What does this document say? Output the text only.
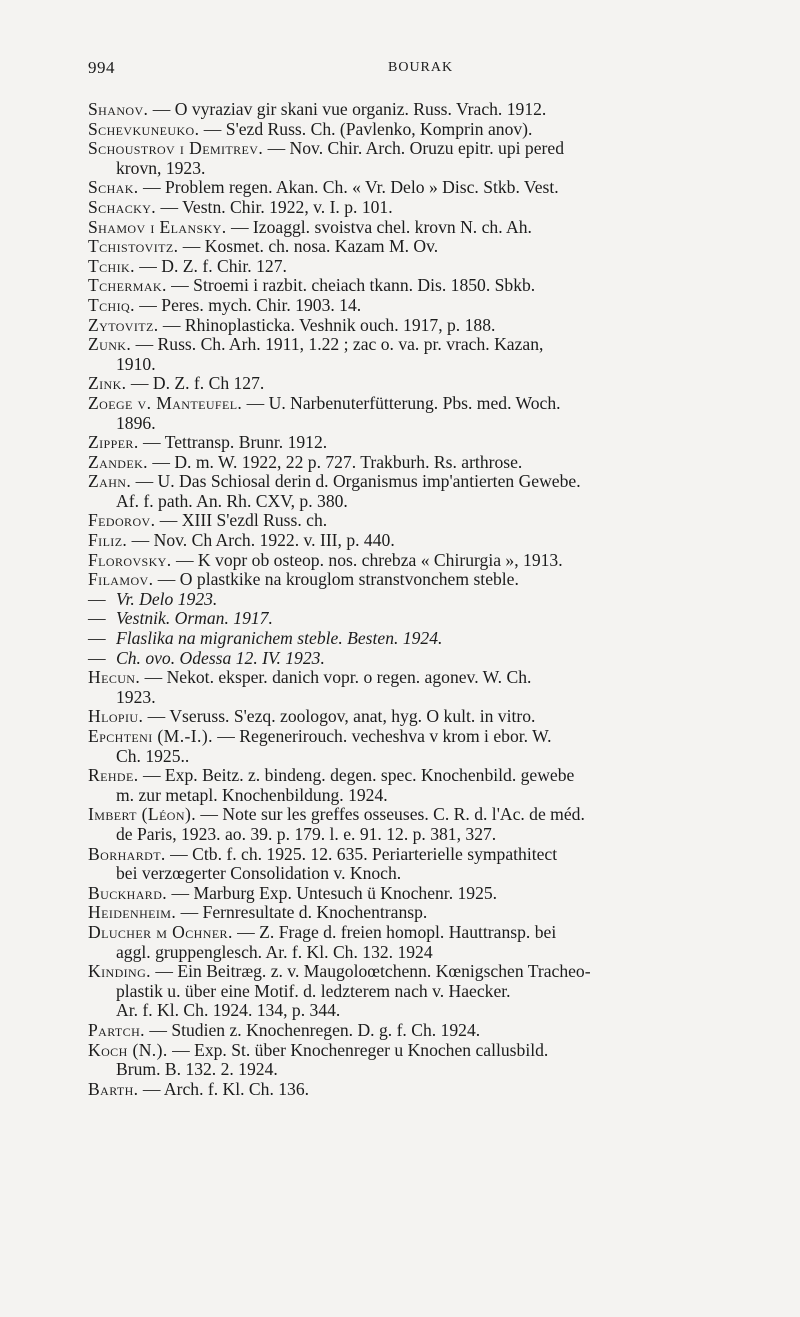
994	BOURAK
Shanov. — O vyraziav gir skani vue organiz. Russ. Vrach. 1912.
Schevkuneuko. — S'ezd Russ. Ch. (Pavlenko, Komprin anov).
Schoustrov i Demitrev. — Nov. Chir. Arch. Oruzu epitr. upi pered
krovn, 1923.
Schak. — Problem regen. Akan. Ch. « Vr. Delo » Disc. Stkb. Vest.
Schacky. — Vestn. Chir. 1922, v. I. p. 101.
Shamov i Elansky. — Izoaggl. svoistva chel. krovn N. ch. Ah.
Tchistovitz. — Kosmet. ch. nosa. Kazam M. Ov.
Tchik. — D. Z. f. Chir. 127.
Tchermak. — Stroemi i razbit. cheiach tkann. Dis. 1850. Sbkb.
Tchiq. — Peres. mych. Chir. 1903. 14.
Zytovitz. — Rhinoplasticka. Veshnik ouch. 1917, p. 188.
Zunk. — Russ. Ch. Arh. 1911, 1.22 ; zac o. va. pr. vrach. Kazan,
1910.
Zink. — D. Z. f. Ch 127.
Zoege v. Manteufel. — U. Narbenuterfütterung. Pbs. med. Woch.
1896.
Zipper. — Tettransp. Brunr. 1912.
Zandek. — D. m. W. 1922, 22 p. 727. Trakburh. Rs. arthrose.
Zahn. — U. Das Schiosal derin d. Organismus imp'antierten Gewebe.
Af. f. path. An. Rh. CXV, p. 380.
Fedorov. — XIII S'ezdl Russ. ch.
Filiz. — Nov. Ch Arch. 1922. v. III, p. 440.
Florovsky. — K vopr ob osteop. nos. chrebza « Chirurgia », 1913.
Filamov. — O plastkike na krouglom stranstvonchem steble.
— Vr. Delo 1923.
— Vestnik. Orman. 1917.
— Flaslika na migranichem steble. Besten. 1924.
— Ch. ovo. Odessa 12. IV. 1923.
Hecun. — Nekot. eksper. danich vopr. o regen. agonev. W. Ch.
1923.
Hlopiu. — Vseruss. S'ezq. zoologov, anat, hyg. O kult. in vitro.
Epchteni (M.-I.). — Regenerirouch. vecheshva v krom i ebor. W.
Ch. 1925..
Rehde. — Exp. Beitz. z. bindeng. degen. spec. Knochenbild. gewebe
m. zur metapl. Knochenbildung. 1924.
Imbert (Léon). — Note sur les greffes osseuses. C. R. d. l'Ac. de méd.
de Paris, 1923. ao. 39. p. 179. l. e. 91. 12. p. 381, 327.
Borhardt. — Ctb. f. ch. 1925. 12. 635. Periarterielle sympathitect
bei verzœgerter Consolidation v. Knoch.
Buckhard. — Marburg Exp. Untesuch ü Knochenr. 1925.
Heidenheim. — Fernresultate d. Knochentransp.
Dlucher m Ochner. — Z. Frage d. freien homopl. Hauttransp. bei
aggl. gruppenglesch. Ar. f. Kl. Ch. 132. 1924
Kinding. — Ein Beitræg. z. v. Maugoloœtchenn. Kœnigschen Tracheo-
plastik u. über eine Motif. d. ledzterem nach v. Haecker.
Ar. f. Kl. Ch. 1924. 134, p. 344.
Partch. — Studien z. Knochenregen. D. g. f. Ch. 1924.
Koch (N.). — Exp. St. über Knochenreger u Knochen callusbild.
Brum. B. 132. 2. 1924.
Barth. — Arch. f. Kl. Ch. 136.
